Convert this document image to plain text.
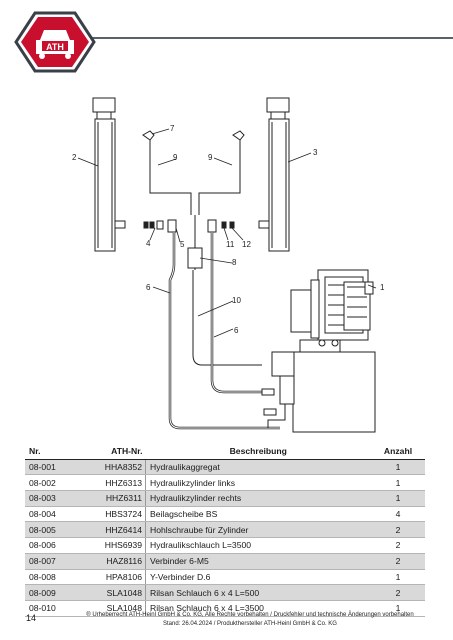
ATH
1
2
3
4	5
6
6
7
8
9	9
10
11 12
Nr.	ATH-Nr.	Beschreibung	Anzahl
08-001	HHA8352	Hydraulikaggregat	1
08-002	HHZ6313	Hydraulikzylinder links	1
08-003	HHZ6311	Hydraulikzylinder rechts	1
08-004	HBS3724	Beilagscheibe BS	4
08-005	HHZ6414	Hohlschraube für Zylinder	2
08-006	HHS6939	Hydraulikschlauch L=3500	2
08-007	HAZ8116	Verbinder 6-M5	2
08-008	HPA8106	Y-Verbinder D.6	1
08-009	SLA1048	Rilsan Schlauch 6 x 4 L=500	2
08-010	SLA1048	Rilsan Schlauch 6 x 4 L=3500	1
14	® Urheberrecht ATH-Heinl GmbH & Co. KG, Alle Rechte vorbehalten / Druckfehler und technische Änderungen vorbehalten
Stand: 26.04.2024 / Produkthersteller ATH-Heinl GmbH & Co. KG
